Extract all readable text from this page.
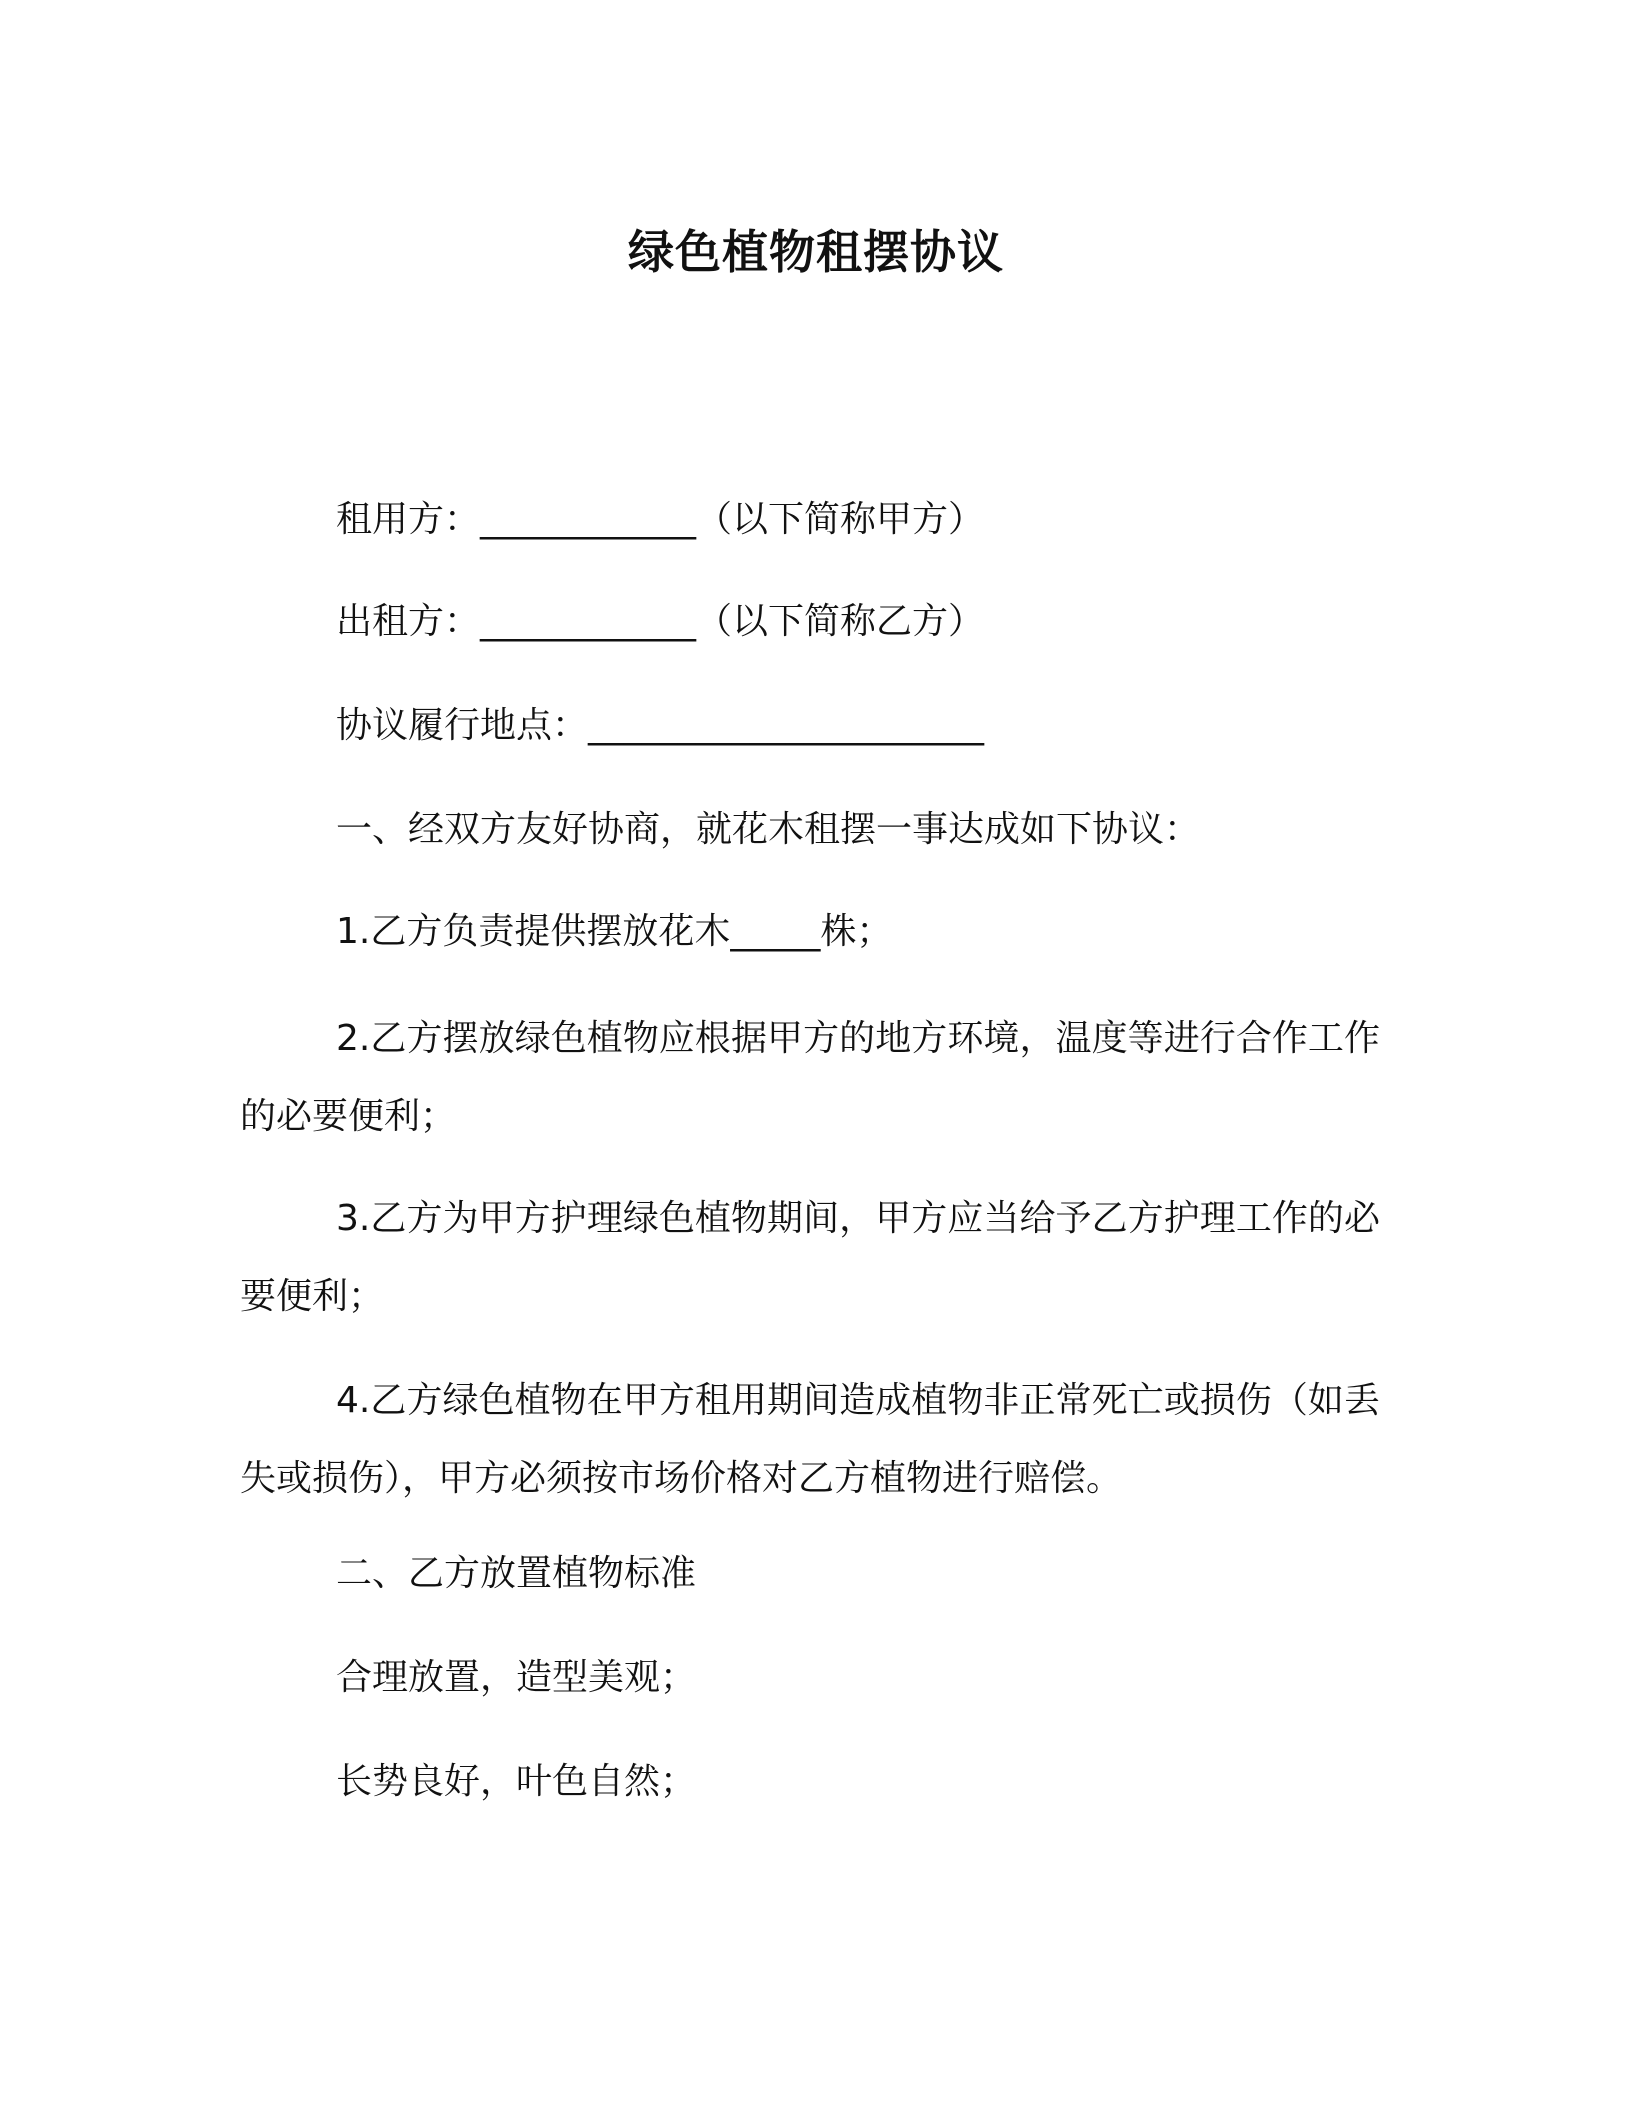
绿色植物租摆协议
租用方：____________（以下简称甲方）
出租方：____________（以下简称乙方）
协议履行地点：______________________
一、经双方友好协商，就花木租摆一事达成如下协议：
1.乙方负责提供摆放花木_____株；
2.乙方摆放绿色植物应根据甲方的地方环境，温度等进行合作工作的必要便利；
3.乙方为甲方护理绿色植物期间，甲方应当给予乙方护理工作的必要便利；
4.乙方绿色植物在甲方租用期间造成植物非正常死亡或损伤（如丢失或损伤），甲方必须按市场价格对乙方植物进行赔偿。
二、乙方放置植物标准
合理放置，造型美观；
长势良好，叶色自然；
